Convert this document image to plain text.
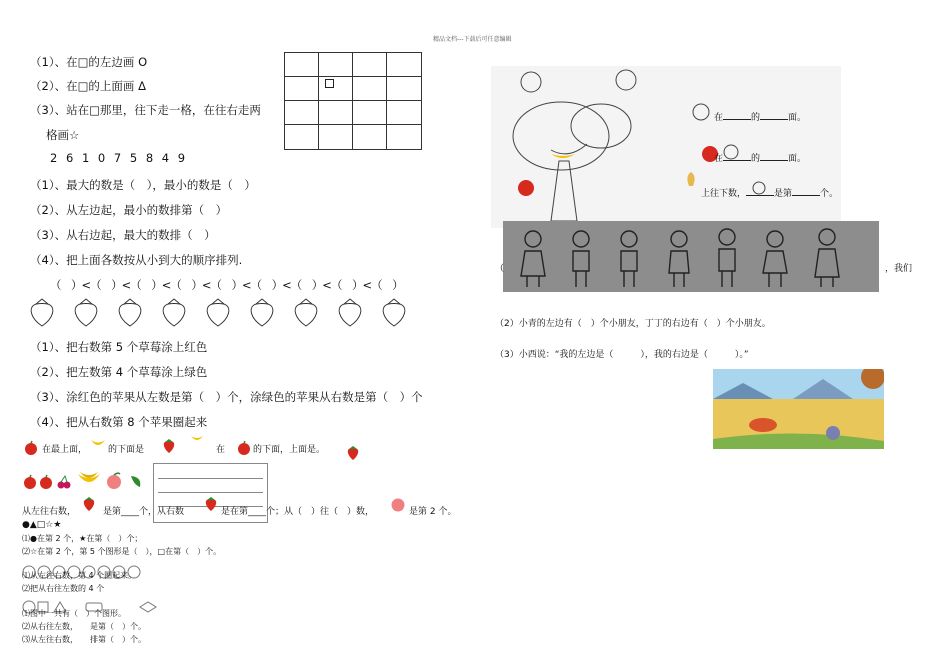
精品文档---下载后可任意编辑
（1）、在□的左边画 O
（2）、在□的上面画 Δ
（3）、站在□那里，往下走一格，在往右走两
格画☆
2 6 1 0 7 5 8 4 9
（1）、最大的数是（　），最小的数是（　）
（2）、从左边起，最小的数排第（　）
（3）、从右边起，最大的数排（　）
（4）、把上面各数按从小到大的顺序排列.
（　）<（　）<（　）<（　）<（　）<（　）<（　）<（　）<（　）
（1）、把右数第 5 个草莓涂上红色
（2）、把左数第 4 个草莓涂上绿色
（3）、涂红色的苹果从左数是第（　）个，涂绿色的苹果从右数是第（　）个
（4）、把从右数第 8 个苹果圈起来
在最上面， 的下面是	在	的下面，上面是。
从左往右数，	是第____个，从右数	是在第____个；从（　）往（　）数，	是第 2 个。
●▲□☆★
⑴●在第 2 个，★在第（　）个；
⑵☆在第 2 个，第 5 个图形是（　），□在第（　）个。
⑴从左往右数，第 4 个圈起来。
⑵把从右往左数的 4 个
⑴图中一共有（　）个图形。
⑵从右往左数，　　是第（　）个。
⑶从左往右数，　　排第（　）个。
在	的	面。
在	的	面。
上往下数，	是第	个。
（	，我们
（2）小青的左边有（　）个小朋友，丁丁的右边有（　）个小朋友。
（3）小西说：“我的左边是（　　　），我的右边是（　　　）。”
